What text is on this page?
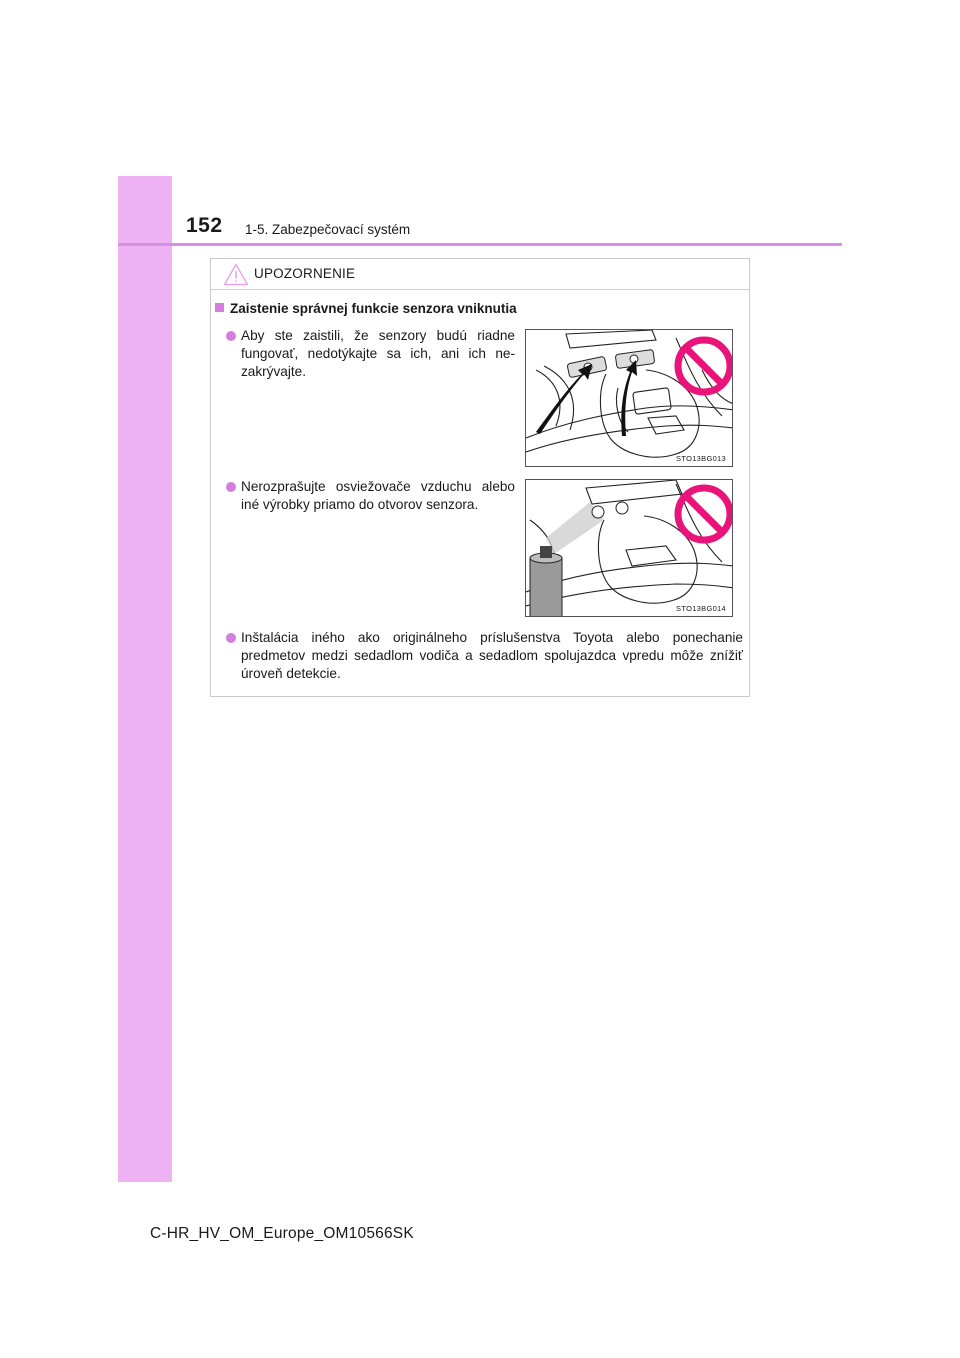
152 1-5. Zabezpečovací systém
UPOZORNENIE
Zaistenie správnej funkcie senzora vniknutia
Aby ste zaistili, že senzory budú riadne fungovať, nedotýkajte sa ich, ani ich ne-zakrývajte.
STO13BG013
Nerozprašujte osviežovače vzduchu alebo iné výrobky priamo do otvorov senzora.
STO13BG014
Inštalácia iného ako originálneho príslušenstva Toyota alebo ponechanie predmetov medzi sedadlom vodiča a sedadlom spolujazdca vpredu môže znížiť úroveň detekcie.
C-HR_HV_OM_Europe_OM10566SK
